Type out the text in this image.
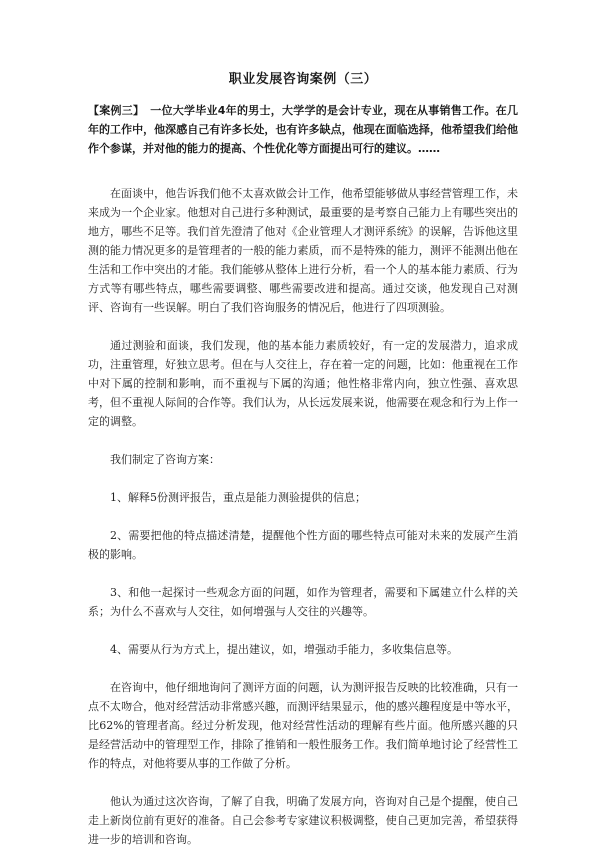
职业发展咨询案例（三）
【案例三】 一位大学毕业4年的男士，大学学的是会计专业，现在从事销售工作。在几年的工作中，他深感自己有许多长处，也有许多缺点，他现在面临选择，他希望我们给他作个参谋，并对他的能力的提高、个性优化等方面提出可行的建议。……

在面谈中，他告诉我们他不太喜欢做会计工作，他希望能够做从事经营管理工作，未来成为一个企业家。他想对自己进行多种测试，最重要的是考察自己能力上有哪些突出的地方，哪些不足等。我们首先澄清了他对《企业管理人才测评系统》的误解，告诉他这里测的能力情况更多的是管理者的一般的能力素质，而不是特殊的能力，测评不能测出他在生活和工作中突出的才能。我们能够从整体上进行分析，看一个人的基本能力素质、行为方式等有哪些特点，哪些需要调整、哪些需要改进和提高。通过交谈，他发现自己对测评、咨询有一些误解。明白了我们咨询服务的情况后，他进行了四项测验。

通过测验和面谈，我们发现，他的基本能力素质较好，有一定的发展潜力，追求成功，注重管理，好独立思考。但在与人交往上，存在着一定的问题，比如：他重视在工作中对下属的控制和影响，而不重视与下属的沟通；他性格非常内向，独立性强、喜欢思考，但不重视人际间的合作等。我们认为，从长远发展来说，他需要在观念和行为上作一定的调整。

我们制定了咨询方案：

1、解释5份测评报告，重点是能力测验提供的信息；

2、需要把他的特点描述清楚，提醒他个性方面的哪些特点可能对未来的发展产生消极的影响。

3、和他一起探讨一些观念方面的问题，如作为管理者，需要和下属建立什么样的关系；为什么不喜欢与人交往，如何增强与人交往的兴趣等。

4、需要从行为方式上，提出建议，如，增强动手能力，多收集信息等。

在咨询中，他仔细地询问了测评方面的问题，认为测评报告反映的比较准确，只有一点不太吻合，他对经营活动非常感兴趣，而测评结果显示，他的感兴趣程度是中等水平，比62%的管理者高。经过分析发现，他对经营性活动的理解有些片面。他所感兴趣的只是经营活动中的管理型工作，排除了推销和一般性服务工作。我们简单地讨论了经营性工作的特点，对他将要从事的工作做了分析。

他认为通过这次咨询，了解了自我，明确了发展方向，咨询对自己是个提醒，使自己走上新岗位前有更好的准备。自己会参考专家建议积极调整，使自己更加完善，希望获得进一步的培训和咨询。
